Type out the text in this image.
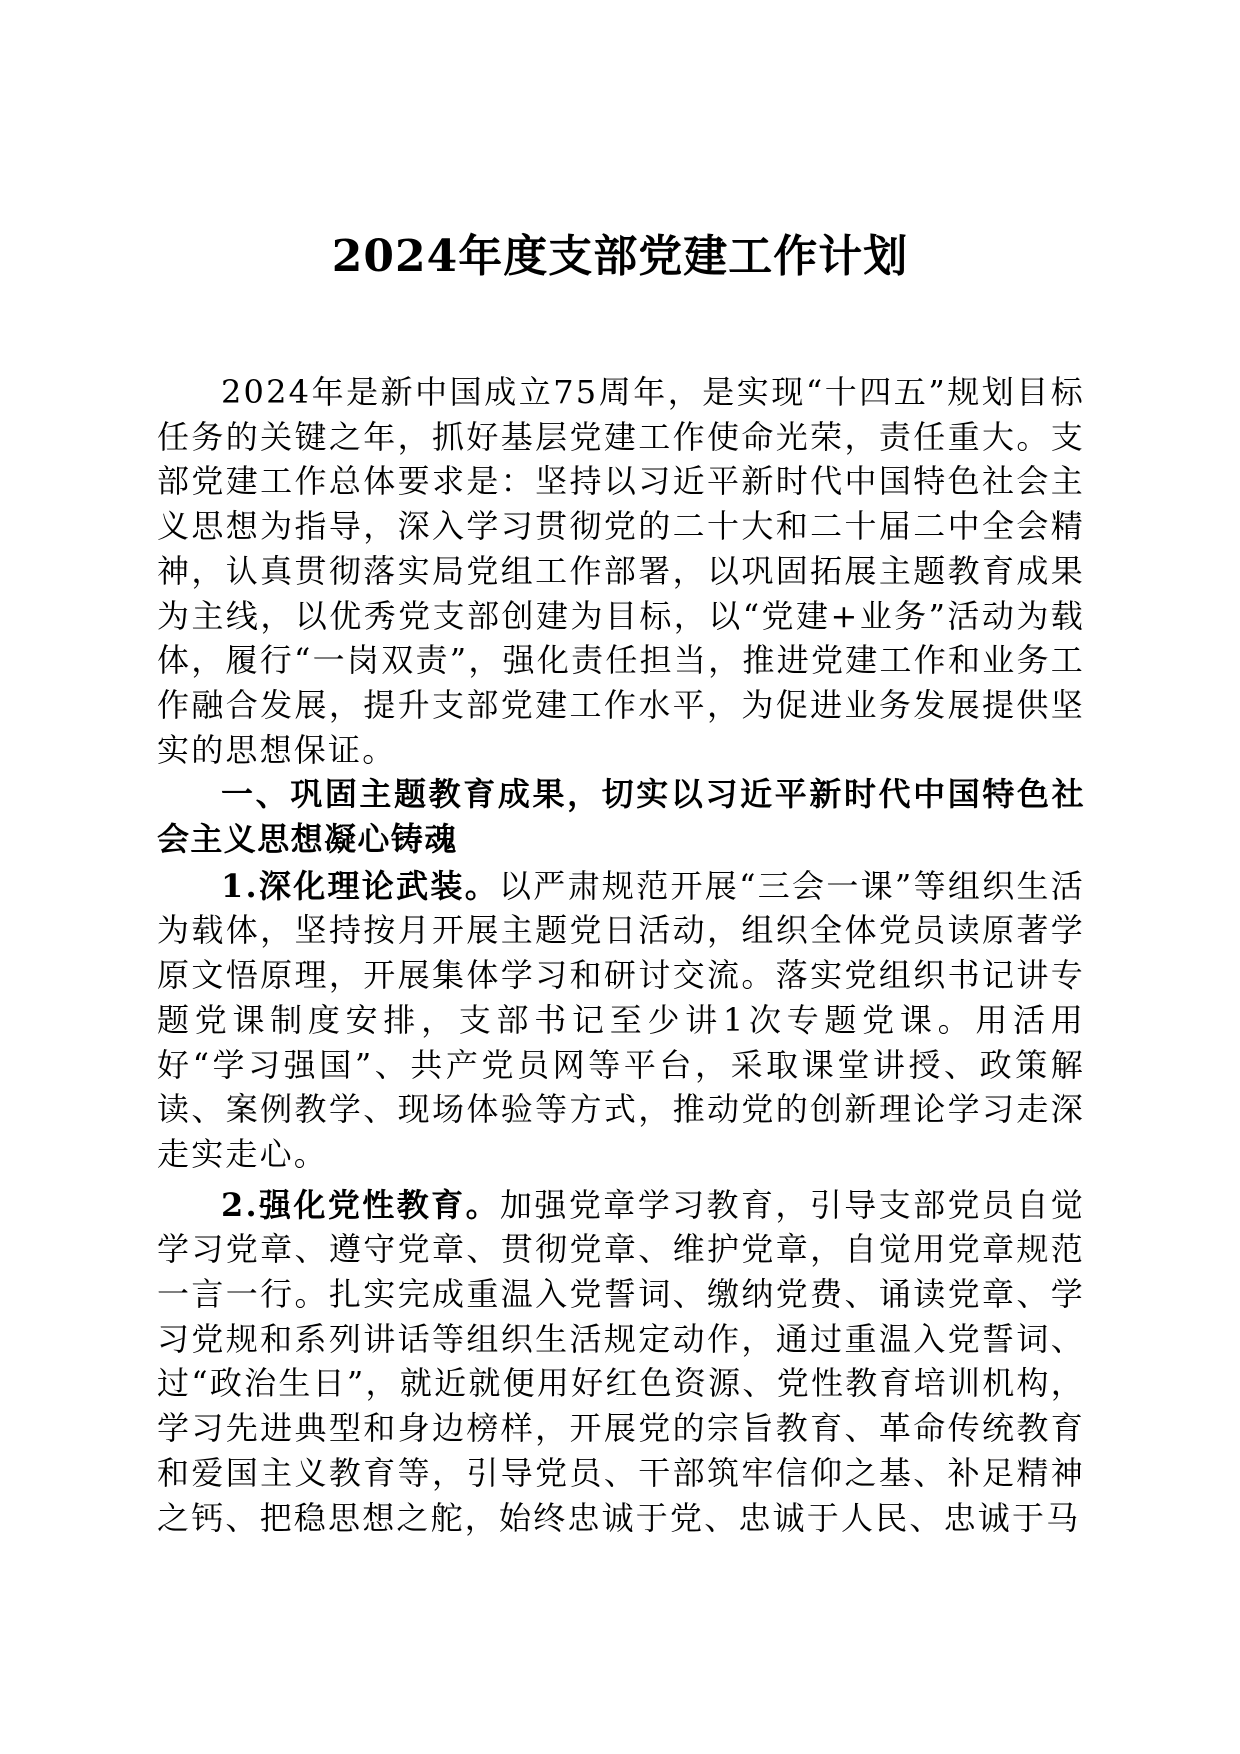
2024年度支部党建工作计划

2024年是新中国成立75周年，是实现“十四五”规划目标任务的关键之年，抓好基层党建工作使命光荣，责任重大。支部党建工作总体要求是：坚持以习近平新时代中国特色社会主义思想为指导，深入学习贯彻党的二十大和二十届二中全会精神，认真贯彻落实局党组工作部署，以巩固拓展主题教育成果为主线，以优秀党支部创建为目标，以“党建+业务”活动为载体，履行“一岗双责”，强化责任担当，推进党建工作和业务工作融合发展，提升支部党建工作水平，为促进业务发展提供坚实的思想保证。

一、巩固主题教育成果，切实以习近平新时代中国特色社会主义思想凝心铸魂

1.深化理论武装。以严肃规范开展“三会一课”等组织生活为载体，坚持按月开展主题党日活动，组织全体党员读原著学原文悟原理，开展集体学习和研讨交流。落实党组织书记讲专题党课制度安排，支部书记至少讲1次专题党课。用活用好“学习强国”、共产党员网等平台，采取课堂讲授、政策解读、案例教学、现场体验等方式，推动党的创新理论学习走深走实走心。

2.强化党性教育。加强党章学习教育，引导支部党员自觉学习党章、遵守党章、贯彻党章、维护党章，自觉用党章规范一言一行。扎实完成重温入党誓词、缴纳党费、诵读党章、学习党规和系列讲话等组织生活规定动作，通过重温入党誓词、过“政治生日”，就近就便用好红色资源、党性教育培训机构，学习先进典型和身边榜样，开展党的宗旨教育、革命传统教育和爱国主义教育等，引导党员、干部筑牢信仰之基、补足精神之钙、把稳思想之舵，始终忠诚于党、忠诚于人民、忠诚于马
